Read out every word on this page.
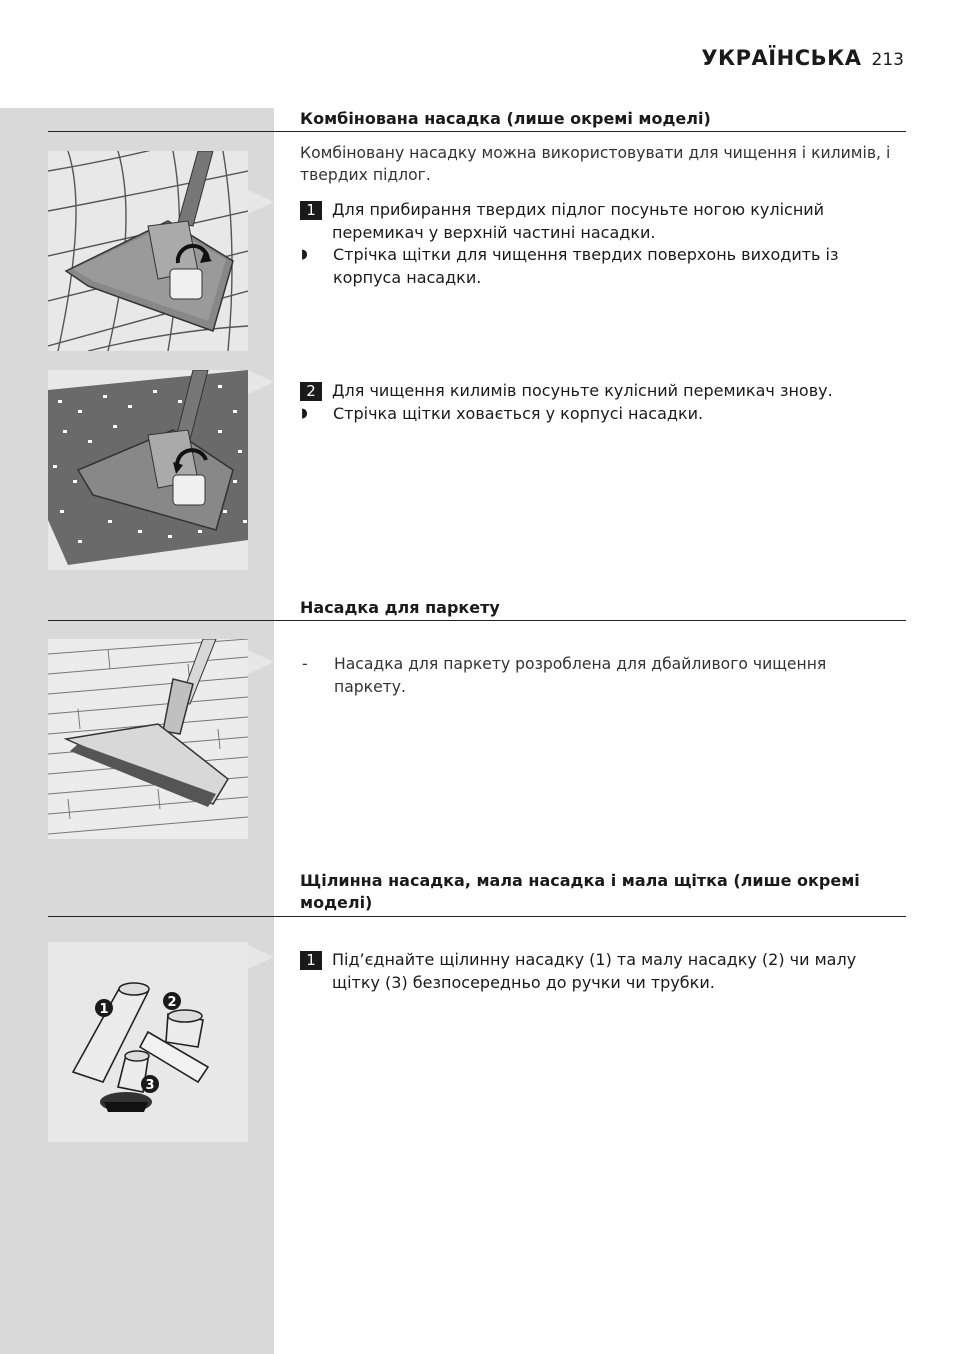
УКРАЇНСЬКА 213
Комбінована насадка (лише окремі моделі)
Комбіновану насадку можна використовувати для чищення і килимів, і твердих підлог.
1	Для прибирання твердих підлог посуньте ногою кулісний перемикач у верхній частині насадки.
◗	Стрічка щітки для чищення твердих поверхонь виходить із корпуса насадки.
2	Для чищення килимів посуньте кулісний перемикач знову.
◗	Стрічка щітки ховається у корпусі насадки.
Насадка для паркету
-	Насадка для паркету розроблена для дбайливого чищення паркету.
Щілинна насадка, мала насадка і мала щітка (лише окремі моделі)
1	2
3
1	Під’єднайте щілинну насадку (1) та малу насадку (2) чи малу щітку (3) безпосередньо до ручки чи трубки.
